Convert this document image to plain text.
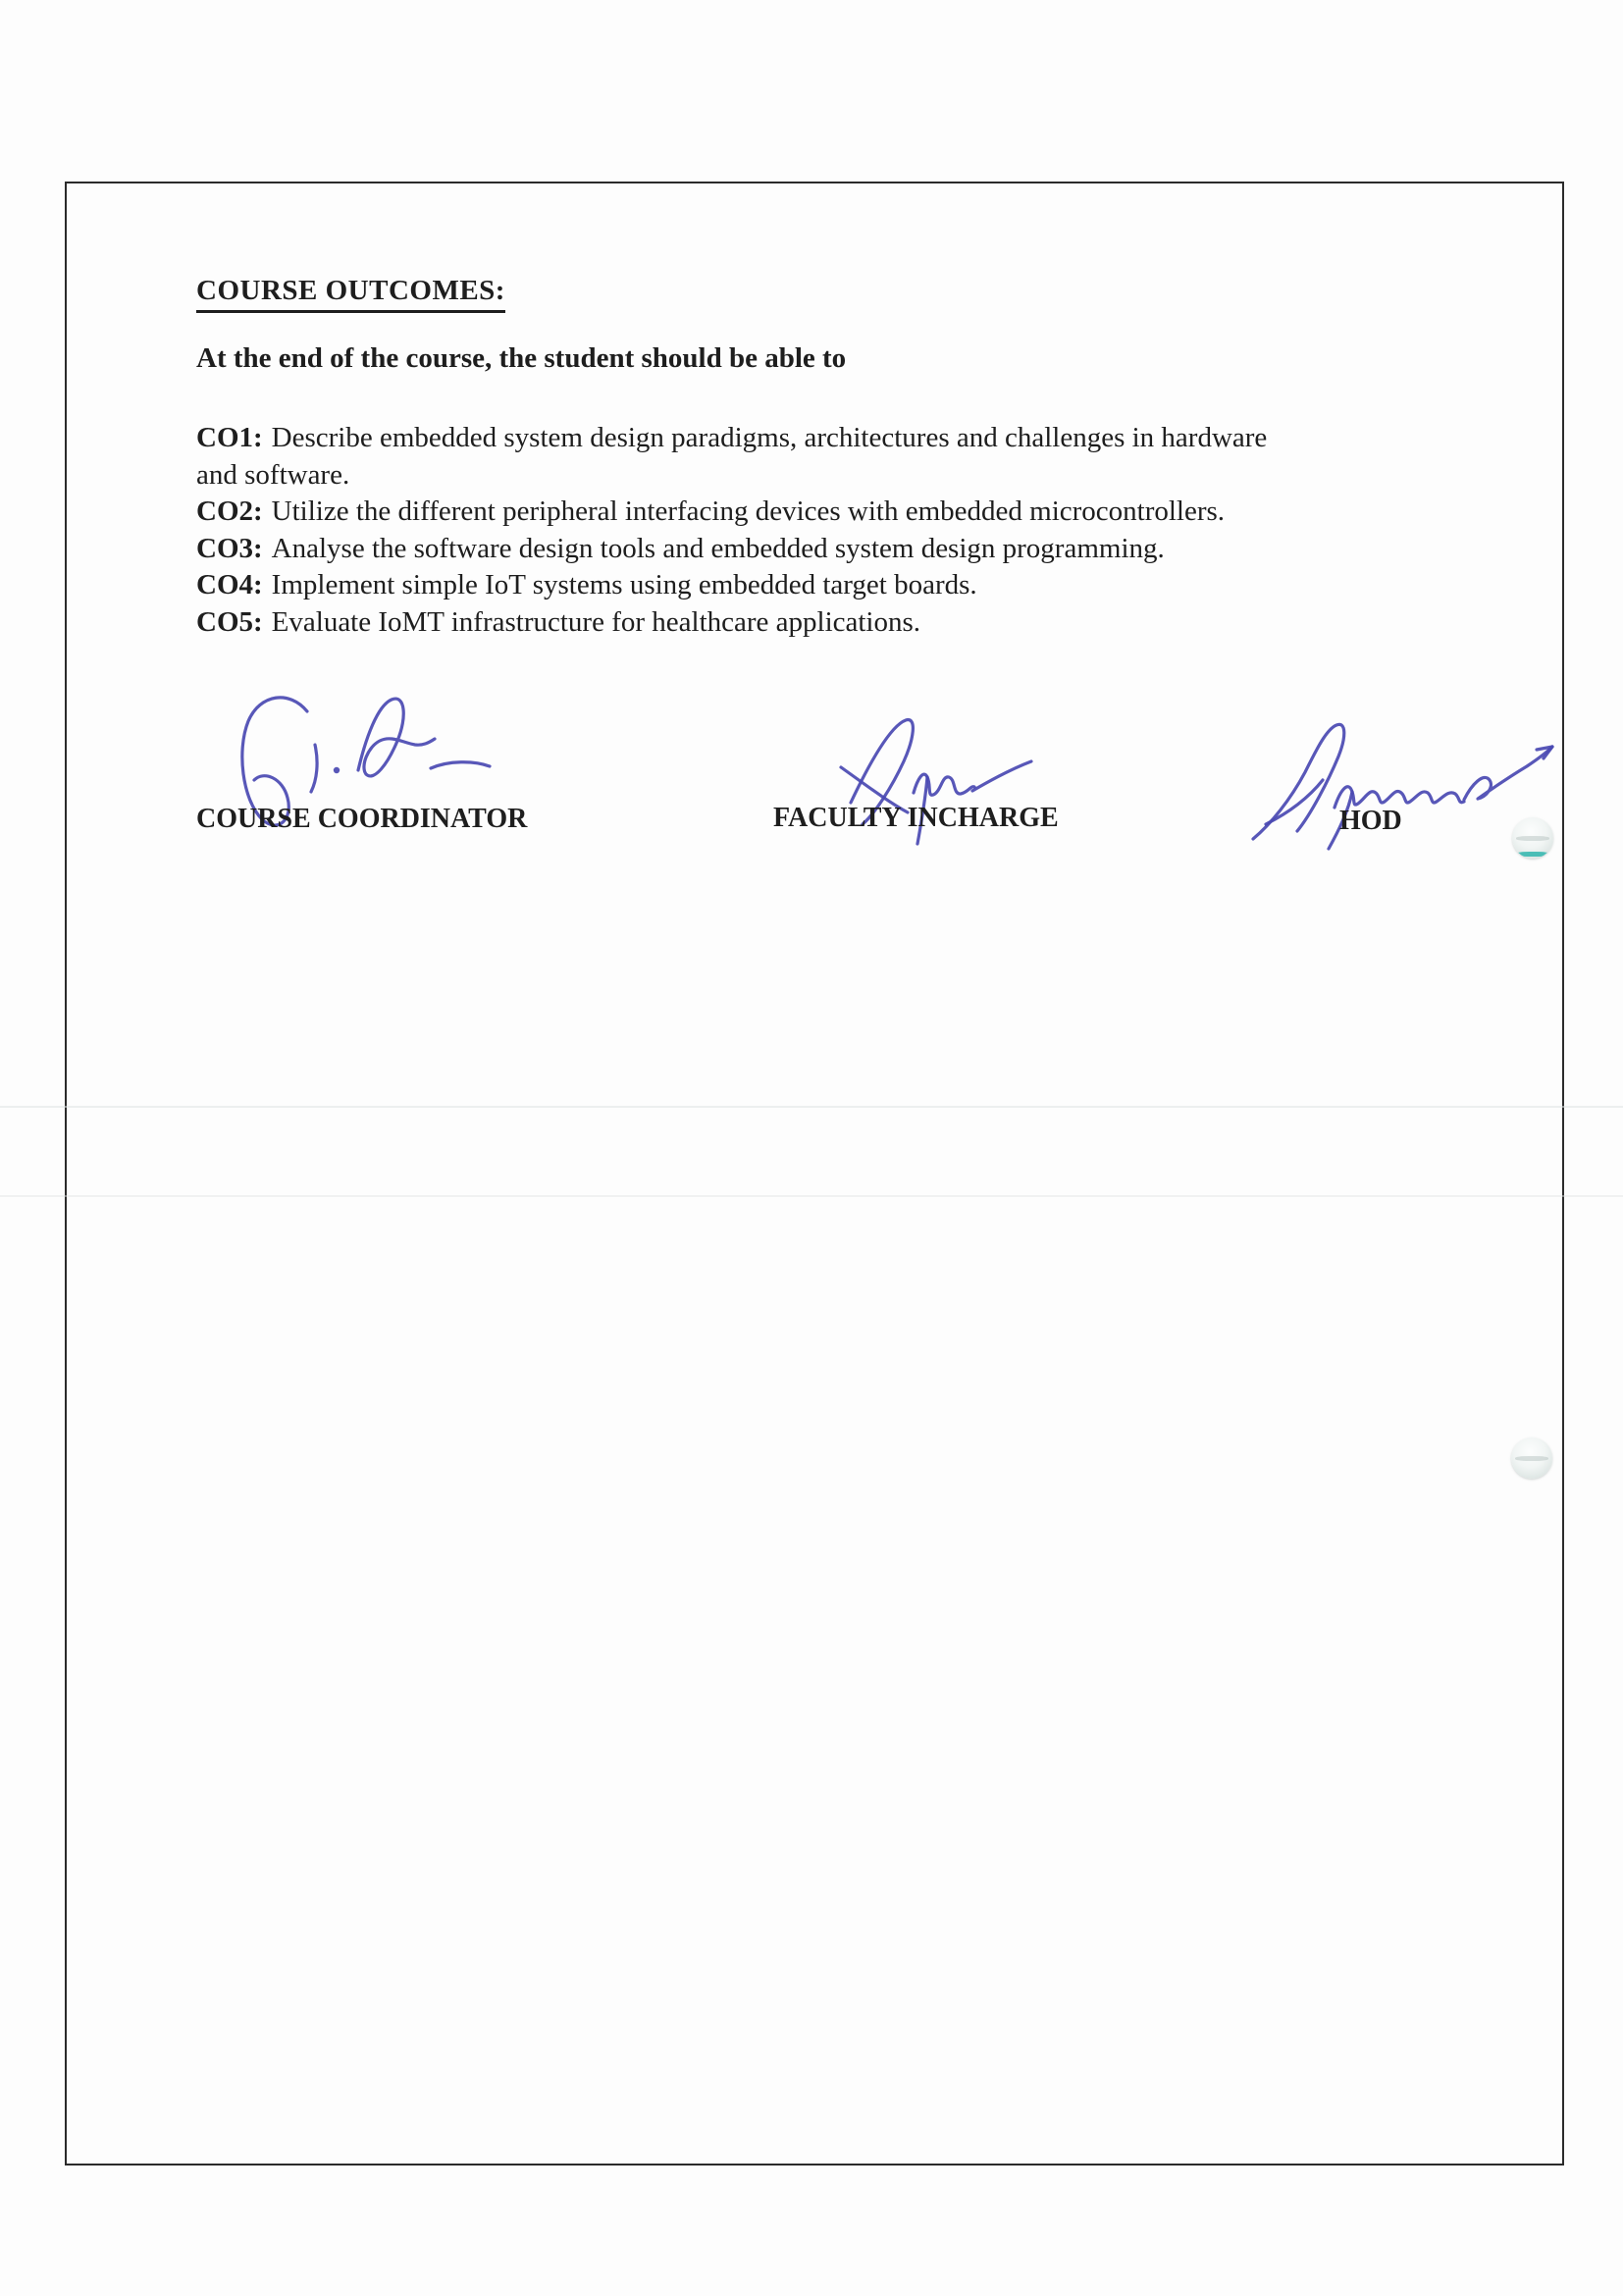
COURSE OUTCOMES:
At the end of the course, the student should be able to
CO1: Describe embedded system design paradigms, architectures and challenges in hardware
and software.
CO2: Utilize the different peripheral interfacing devices with embedded microcontrollers.
CO3: Analyse the software design tools and embedded system design programming.
CO4: Implement simple IoT systems using embedded target boards.
CO5: Evaluate IoMT infrastructure for healthcare applications.
COURSE COORDINATOR	FACULTY INCHARGE	HOD
